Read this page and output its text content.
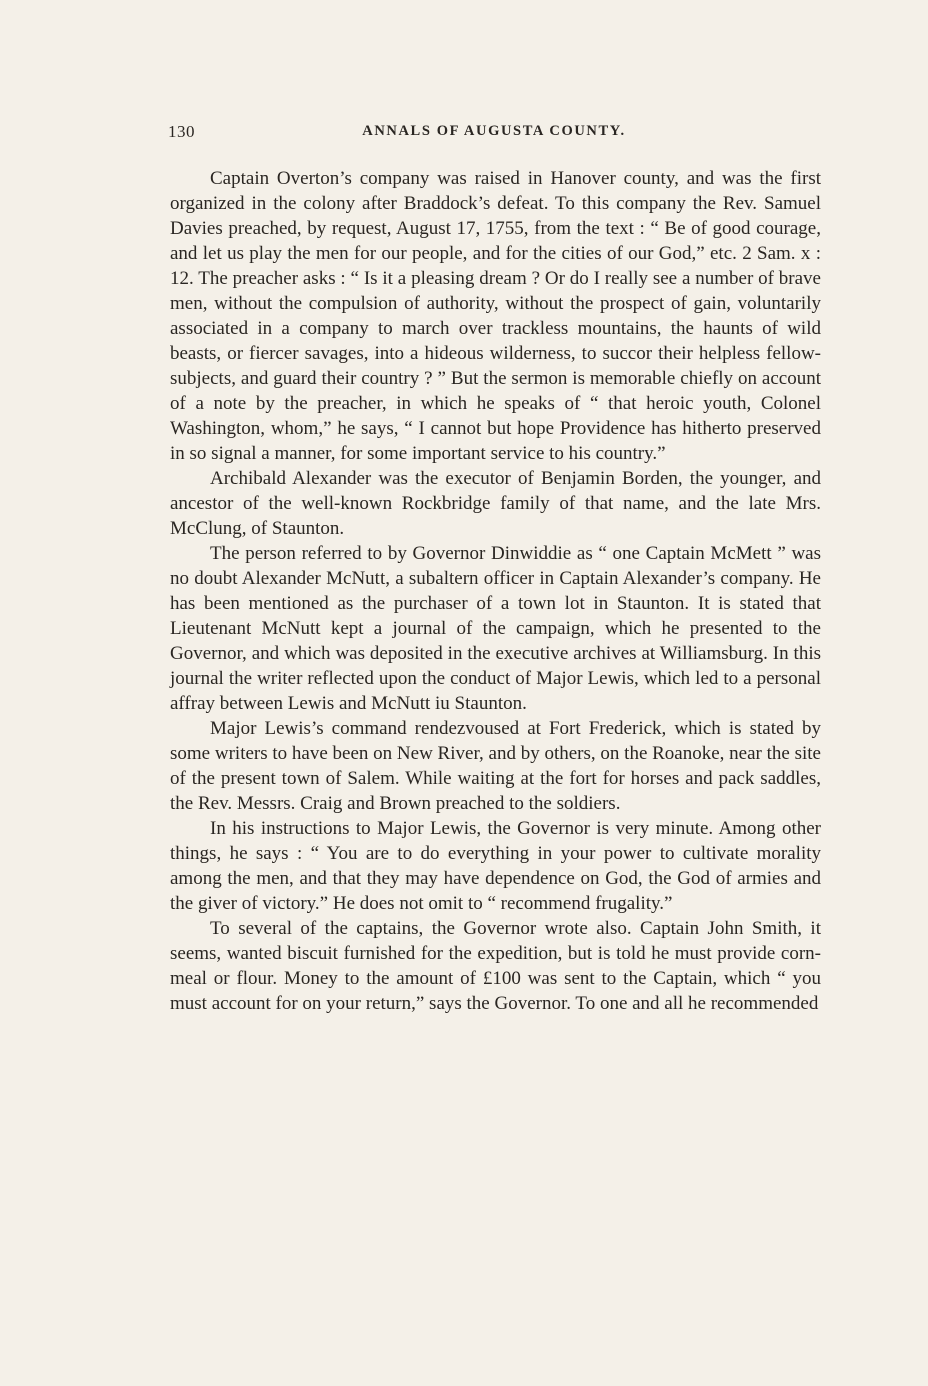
130	ANNALS OF AUGUSTA COUNTY.

Captain Overton’s company was raised in Hanover county, and was the first organized in the colony after Braddock’s defeat. To this company the Rev. Samuel Davies preached, by request, August 17, 1755, from the text : “ Be of good courage, and let us play the men for our people, and for the cities of our God,” etc. 2 Sam. x : 12. The preacher asks : “ Is it a pleasing dream ? Or do I really see a number of brave men, without the compulsion of authority, without the prospect of gain, voluntarily associated in a company to march over trackless mountains, the haunts of wild beasts, or fiercer savages, into a hideous wilderness, to succor their helpless fellow-subjects, and guard their country ? ” But the sermon is memorable chiefly on account of a note by the preacher, in which he speaks of “ that heroic youth, Colonel Washington, whom,” he says, “ I cannot but hope Providence has hitherto preserved in so signal a manner, for some important service to his country.”

Archibald Alexander was the executor of Benjamin Borden, the younger, and ancestor of the well-known Rockbridge family of that name, and the late Mrs. McClung, of Staunton.

The person referred to by Governor Dinwiddie as “ one Captain McMett ” was no doubt Alexander McNutt, a subaltern officer in Captain Alexander’s company. He has been mentioned as the purchaser of a town lot in Staunton. It is stated that Lieutenant McNutt kept a journal of the campaign, which he presented to the Governor, and which was deposited in the executive archives at Williamsburg. In this journal the writer reflected upon the conduct of Major Lewis, which led to a personal affray between Lewis and McNutt iu Staunton.

Major Lewis’s command rendezvoused at Fort Frederick, which is stated by some writers to have been on New River, and by others, on the Roanoke, near the site of the present town of Salem. While waiting at the fort for horses and pack saddles, the Rev. Messrs. Craig and Brown preached to the soldiers.

In his instructions to Major Lewis, the Governor is very minute. Among other things, he says : “ You are to do everything in your power to cultivate morality among the men, and that they may have dependence on God, the God of armies and the giver of victory.” He does not omit to “ recommend frugality.”

To several of the captains, the Governor wrote also. Captain John Smith, it seems, wanted biscuit furnished for the expedition, but is told he must provide corn-meal or flour. Money to the amount of £100 was sent to the Captain, which “ you must account for on your return,” says the Governor. To one and all he recommended
